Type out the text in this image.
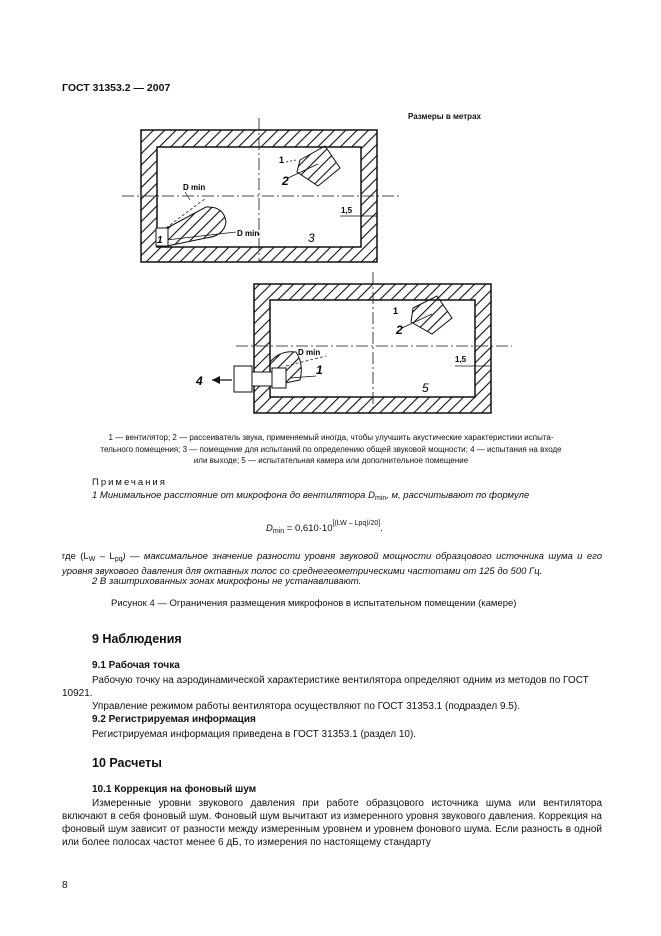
ГОСТ 31353.2 — 2007
Размеры в метрах
D min
D min
1,5
1
2
1	3
D min
1,5
1
2
1
4	5

1 — вентилятор; 2 — рассеиватель звука, применяемый иногда, чтобы улучшить акустические характеристики испыта-

тельного помещения; 3 — помещение для испытаний по определению общей звуковой мощности; 4 — испытания на входе

или выходе; 5 — испытательная камера или дополнительное помещение

Примечания
1 Минимальное расстояние от микрофона до вентилятора $D_{min}$, м, рассчитывают по формуле
$D_{min} = 0,610\cdot 10[(LW - Lpq)/20]$.
где $(L_W - L_{pq})$ — максимальное значение разности уровня звуковой мощности образцового источника шума и его уровня звукового давления для октавных полос со среднегеометрическими частотами от 125 до 500 Гц.
2 В заштрихованных зонах микрофоны не устанавливают.
Рисунок 4 — Ограничения размещения микрофонов в испытательном помещении (камере)
9 Наблюдения
9.1 Рабочая точка
Рабочую точку на аэродинамической характеристике вентилятора определяют одним из методов по ГОСТ 10921.
Управление режимом работы вентилятора осуществляют по ГОСТ 31353.1 (подраздел 9.5).
9.2 Регистрируемая информация
Регистрируемая информация приведена в ГОСТ 31353.1 (раздел 10).
10 Расчеты
10.1 Коррекция на фоновый шум
Измеренные уровни звукового давления при работе образцового источника шума или вентилятора включают в себя фоновый шум. Фоновый шум вычитают из измеренного уровня звукового давления. Коррекция на фоновый шум зависит от разности между измеренным уровнем и уровнем фонового шума. Если разность в одной или более полосах частот менее 6 дБ, то измерения по настоящему стандарту
8
